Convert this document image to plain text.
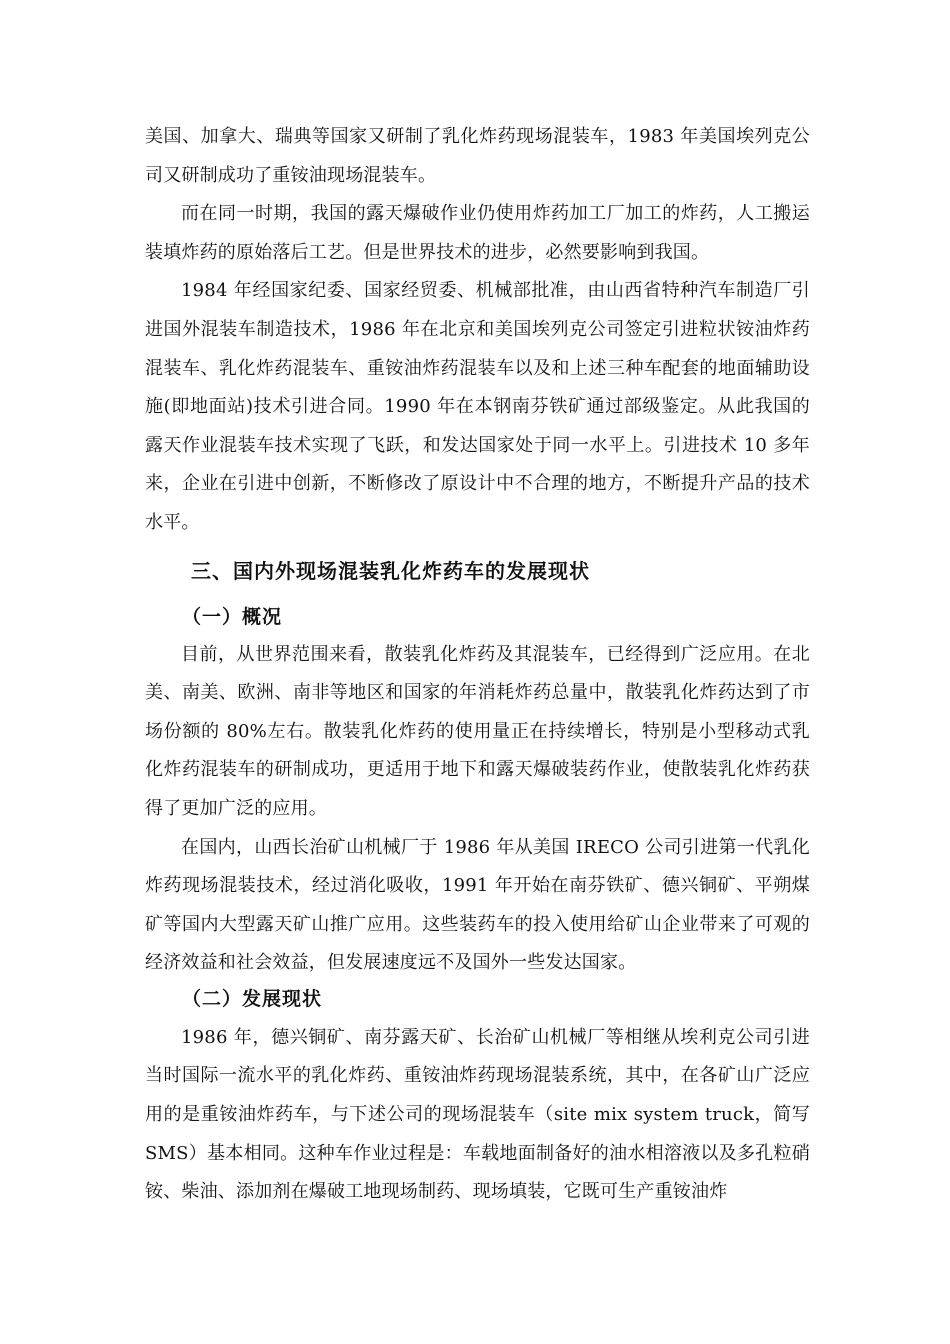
美国、加拿大、瑞典等国家又研制了乳化炸药现场混装车，1983 年美国埃列克公司又研制成功了重铵油现场混装车。

而在同一时期，我国的露天爆破作业仍使用炸药加工厂加工的炸药，人工搬运装填炸药的原始落后工艺。但是世界技术的进步，必然要影响到我国。

1984 年经国家纪委、国家经贸委、机械部批准，由山西省特种汽车制造厂引进国外混装车制造技术，1986 年在北京和美国埃列克公司签定引进粒状铵油炸药混装车、乳化炸药混装车、重铵油炸药混装车以及和上述三种车配套的地面辅助设施(即地面站)技术引进合同。1990 年在本钢南芬铁矿通过部级鉴定。从此我国的露天作业混装车技术实现了飞跃，和发达国家处于同一水平上。引进技术 10 多年来，企业在引进中创新，不断修改了原设计中不合理的地方，不断提升产品的技术水平。

三、国内外现场混装乳化炸药车的发展现状
（一）概况

目前，从世界范围来看，散装乳化炸药及其混装车，已经得到广泛应用。在北美、南美、欧洲、南非等地区和国家的年消耗炸药总量中，散装乳化炸药达到了市场份额的 80%左右。散装乳化炸药的使用量正在持续增长，特别是小型移动式乳化炸药混装车的研制成功，更适用于地下和露天爆破装药作业，使散装乳化炸药获得了更加广泛的应用。

在国内，山西长治矿山机械厂于 1986 年从美国 IRECO 公司引进第一代乳化炸药现场混装技术，经过消化吸收，1991 年开始在南芬铁矿、德兴铜矿、平朔煤矿等国内大型露天矿山推广应用。这些装药车的投入使用给矿山企业带来了可观的经济效益和社会效益，但发展速度远不及国外一些发达国家。

（二）发展现状

1986 年，德兴铜矿、南芬露天矿、长治矿山机械厂等相继从埃利克公司引进当时国际一流水平的乳化炸药、重铵油炸药现场混装系统，其中，在各矿山广泛应用的是重铵油炸药车，与下述公司的现场混装车（site mix system truck，简写 SMS）基本相同。这种车作业过程是：车载地面制备好的油水相溶液以及多孔粒硝铵、柴油、添加剂在爆破工地现场制药、现场填装，它既可生产重铵油炸
